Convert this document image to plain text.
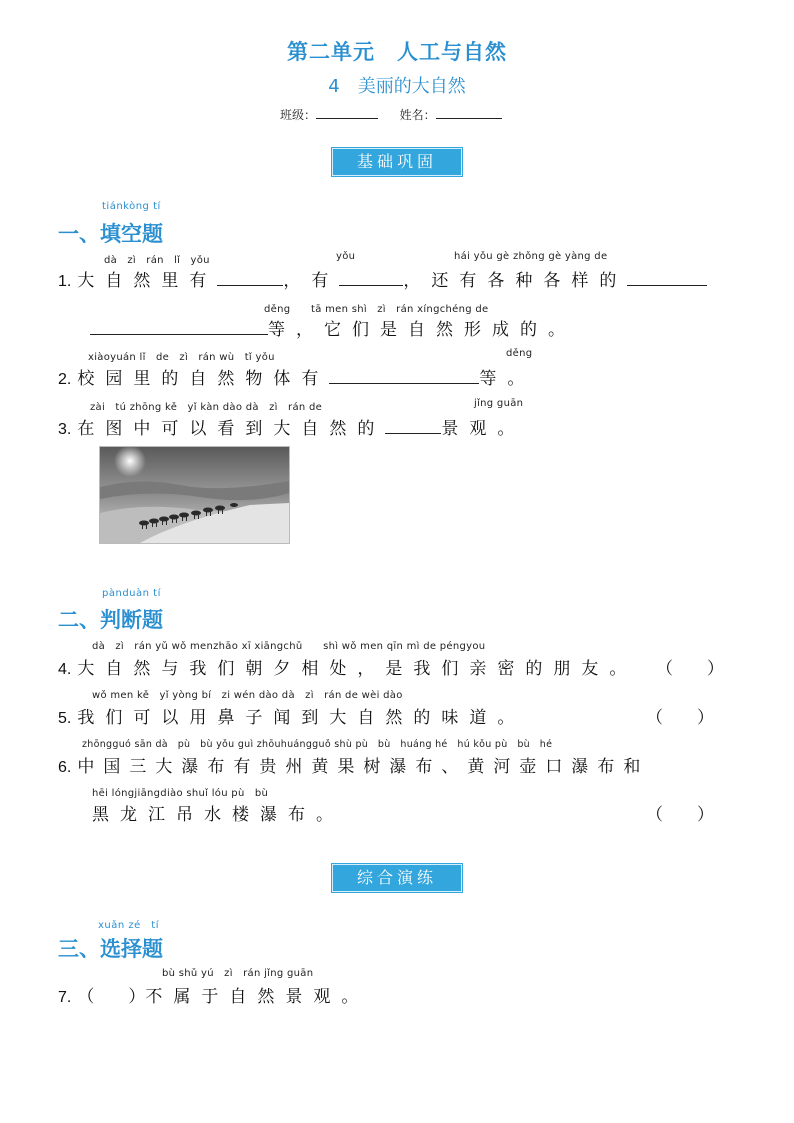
第二单元　人工与自然
4　美丽的大自然
班级：	姓名：
基础巩固
tiánkòng tí
一、填空题
dà　zì　rán　lǐ　yǒu	yǒu	hái yǒu gè zhǒng gè yàng de
1. 大自然里有	，有	，还有各种各样的
děng　　tā men shì　zì　rán xíngchéng de
等，它们是自然形成的。
xiàoyuán lǐ　de　zì　rán wù　tǐ yǒu	děng
2. 校园里的自然物体有	等。
zài　tú zhōng kě　yǐ kàn dào dà　zì　rán de	jǐng guān
3. 在图中可以看到大自然的	景观。
pànduàn tí
二、判断题
dà　zì　rán yǔ wǒ menzhāo xī xiāngchǔ　　shì wǒ men qīn mì de péngyou
4. 大自然与我们朝夕相处，是我们亲密的朋友。 （　　）
wǒ men kě　yǐ yòng bí　zi wén dào dà　zì　rán de wèi dào
5. 我们可以用鼻子闻到大自然的味道。	（　　）
zhōngguó sān dà　pù　bù yǒu guì zhōuhuángguǒ shù pù　bù　huáng hé　hú kǒu pù　bù　hé
6. 中国三大瀑布有贵州黄果树瀑布、黄河壶口瀑布和
hēi lóngjiāngdiào shuǐ lóu pù　bù
黑龙江吊水楼瀑布。	（　　）
综合演练
xuǎn zé　tí
三、选择题
bù shǔ yú　zì　rán jǐng guān
7. （　　）不属于自然景观。
